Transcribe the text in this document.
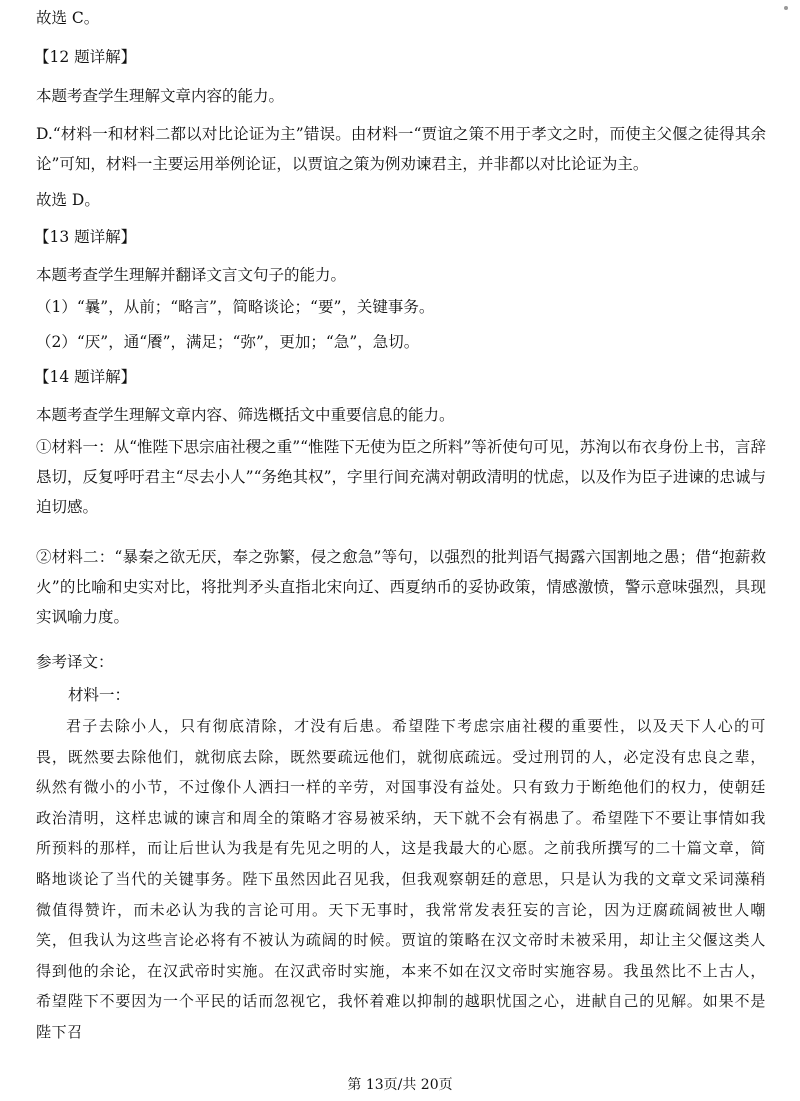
故选 C。
【12 题详解】
本题考查学生理解文章内容的能力。
D.“材料一和材料二都以对比论证为主”错误。由材料一“贾谊之策不用于孝文之时，而使主父偃之徒得其余论”可知，材料一主要运用举例论证，以贾谊之策为例劝谏君主，并非都以对比论证为主。
故选 D。
【13 题详解】
本题考查学生理解并翻译文言文句子的能力。
（1）“曩”，从前；“略言”，简略谈论；“要”，关键事务。
（2）“厌”，通“餍”，满足；“弥”，更加；“急”，急切。
【14 题详解】
本题考查学生理解文章内容、筛选概括文中重要信息的能力。
①材料一：从“惟陛下思宗庙社稷之重”“惟陛下无使为臣之所料”等祈使句可见，苏洵以布衣身份上书，言辞恳切，反复呼吁君主“尽去小人”“务绝其权”，字里行间充满对朝政清明的忧虑，以及作为臣子进谏的忠诚与迫切感。
②材料二：“暴秦之欲无厌，奉之弥繁，侵之愈急”等句，以强烈的批判语气揭露六国割地之愚；借“抱薪救火”的比喻和史实对比，将批判矛头直指北宋向辽、西夏纳币的妥协政策，情感激愤，警示意味强烈，具现实讽喻力度。
参考译文：
材料一：
君子去除小人，只有彻底清除，才没有后患。希望陛下考虑宗庙社稷的重要性，以及天下人心的可畏，既然要去除他们，就彻底去除，既然要疏远他们，就彻底疏远。受过刑罚的人，必定没有忠良之辈，纵然有微小的小节，不过像仆人洒扫一样的辛劳，对国事没有益处。只有致力于断绝他们的权力，使朝廷政治清明，这样忠诚的谏言和周全的策略才容易被采纳，天下就不会有祸患了。希望陛下不要让事情如我所预料的那样，而让后世认为我是有先见之明的人，这是我最大的心愿。之前我所撰写的二十篇文章，简略地谈论了当代的关键事务。陛下虽然因此召见我，但我观察朝廷的意思，只是认为我的文章文采词藻稍微值得赞许，而未必认为我的言论可用。天下无事时，我常常发表狂妄的言论，因为迂腐疏阔被世人嘲笑，但我认为这些言论必将有不被认为疏阔的时候。贾谊的策略在汉文帝时未被采用，却让主父偃这类人得到他的余论，在汉武帝时实施。在汉武帝时实施，本来不如在汉文帝时实施容易。我虽然比不上古人，希望陛下不要因为一个平民的话而忽视它，我怀着难以抑制的越职忧国之心，进献自己的见解。如果不是陛下召
第 13页/共 20页
